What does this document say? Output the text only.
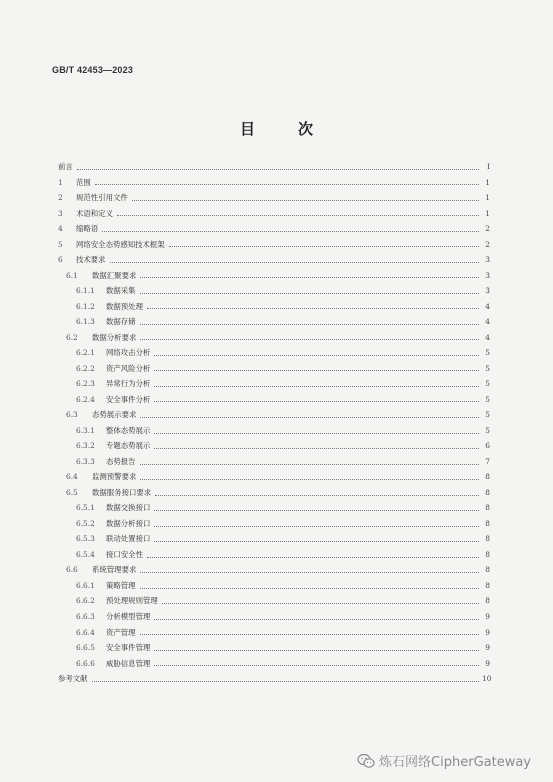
GB/T 42453—2023
目　次
前言	Ⅰ
1	范围	1
2	规范性引用文件	1
3	术语和定义	1
4	缩略语	2
5	网络安全态势感知技术框架	2
6	技术要求	3
6.1	数据汇聚要求	3
6.1.1	数据采集	3
6.1.2	数据预处理	4
6.1.3	数据存储	4
6.2	数据分析要求	4
6.2.1	网络攻击分析	5
6.2.2	资产风险分析	5
6.2.3	异常行为分析	5
6.2.4	安全事件分析	5
6.3	态势展示要求	5
6.3.1	整体态势展示	5
6.3.2	专题态势展示	6
6.3.3	态势报告	7
6.4	监测预警要求	8
6.5	数据服务接口要求	8
6.5.1	数据交换接口	8
6.5.2	数据分析接口	8
6.5.3	联动处置接口	8
6.5.4	接口安全性	8
6.6	系统管理要求	8
6.6.1	策略管理	8
6.6.2	预处理规则管理	8
6.6.3	分析模型管理	9
6.6.4	资产管理	9
6.6.5	安全事件管理	9
6.6.6	威胁信息管理	9
参考文献	10
炼石网络CipherGateway
